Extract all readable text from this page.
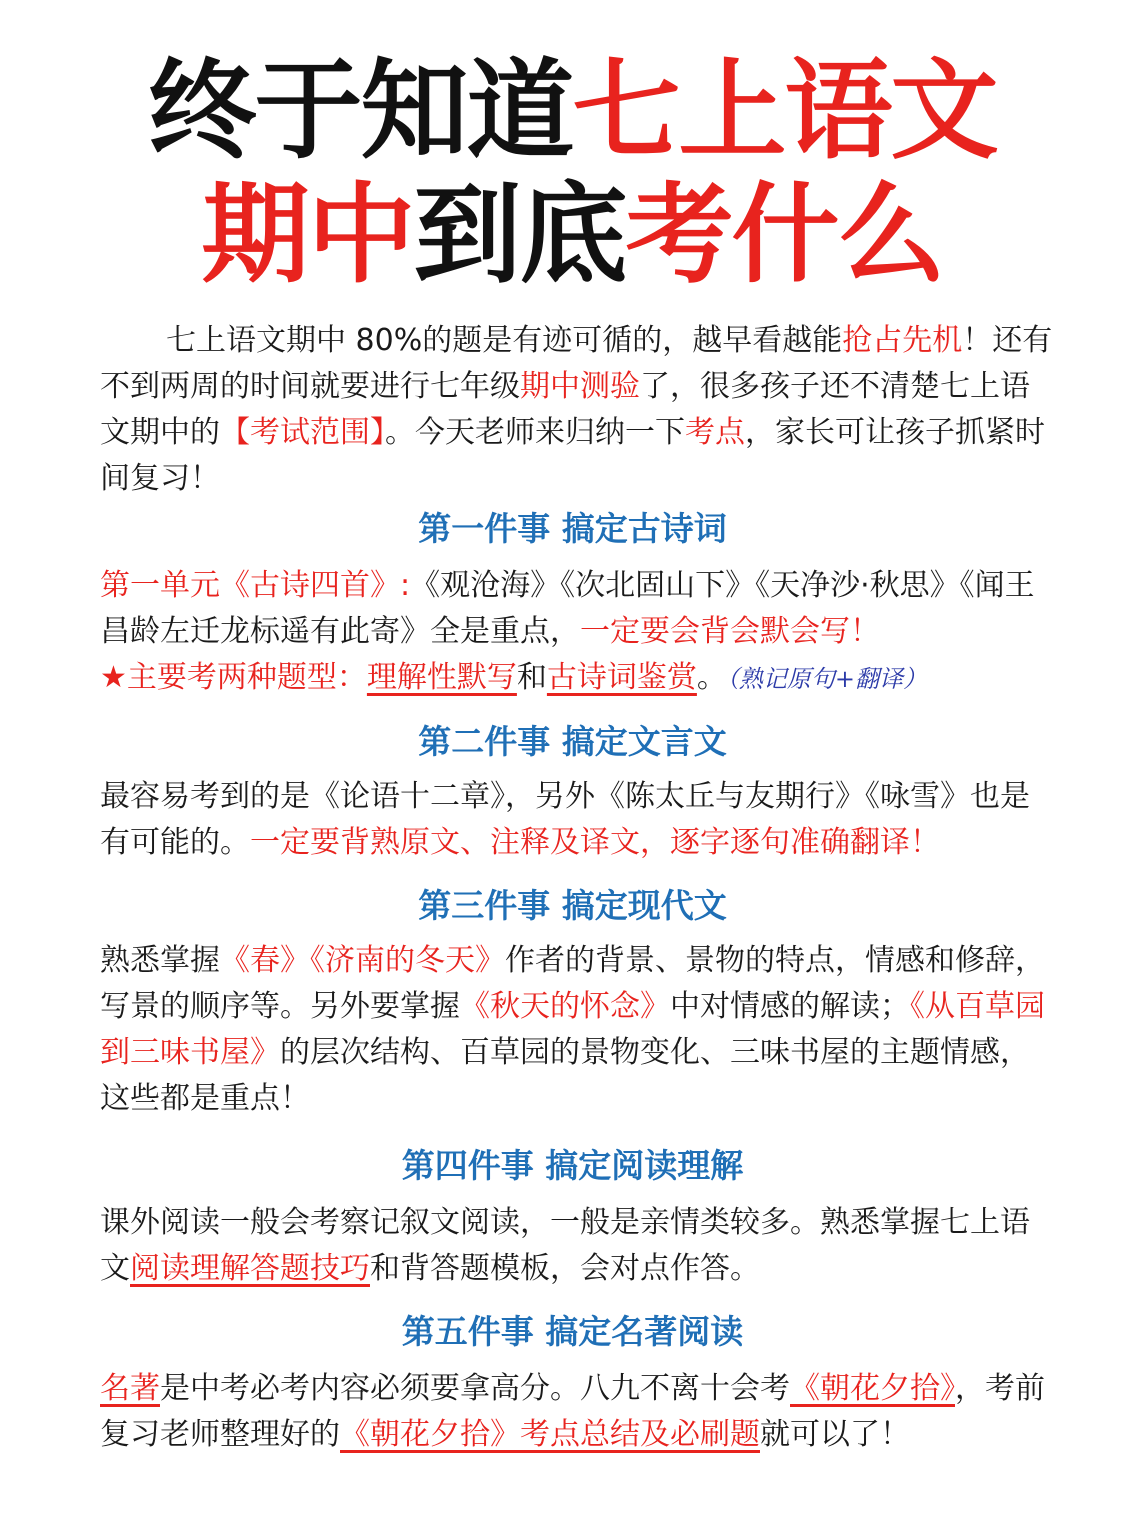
终于知道七上语文
期中到底考什么
七上语文期中 80%的题是有迹可循的，越早看越能抢占先机！还有不到两周的时间就要进行七年级期中测验了，很多孩子还不清楚七上语文期中的【考试范围】。今天老师来归纳一下考点，家长可让孩子抓紧时间复习！
第一件事 搞定古诗词
第一单元《古诗四首》:《观沧海》《次北固山下》《天净沙·秋思》《闻王昌龄左迁龙标遥有此寄》全是重点，一定要会背会默会写！
★主要考两种题型：理解性默写和古诗词鉴赏。（熟记原句+翻译）
第二件事 搞定文言文
最容易考到的是《论语十二章》，另外《陈太丘与友期行》《咏雪》也是有可能的。一定要背熟原文、注释及译文，逐字逐句准确翻译！
第三件事 搞定现代文
熟悉掌握《春》《济南的冬天》作者的背景、景物的特点，情感和修辞，写景的顺序等。另外要掌握《秋天的怀念》中对情感的解读；《从百草园到三味书屋》的层次结构、百草园的景物变化、三味书屋的主题情感，这些都是重点！
第四件事 搞定阅读理解
课外阅读一般会考察记叙文阅读，一般是亲情类较多。熟悉掌握七上语文阅读理解答题技巧和背答题模板，会对点作答。
第五件事 搞定名著阅读
名著是中考必考内容必须要拿高分。八九不离十会考《朝花夕拾》，考前复习老师整理好的《朝花夕拾》考点总结及必刷题就可以了！
